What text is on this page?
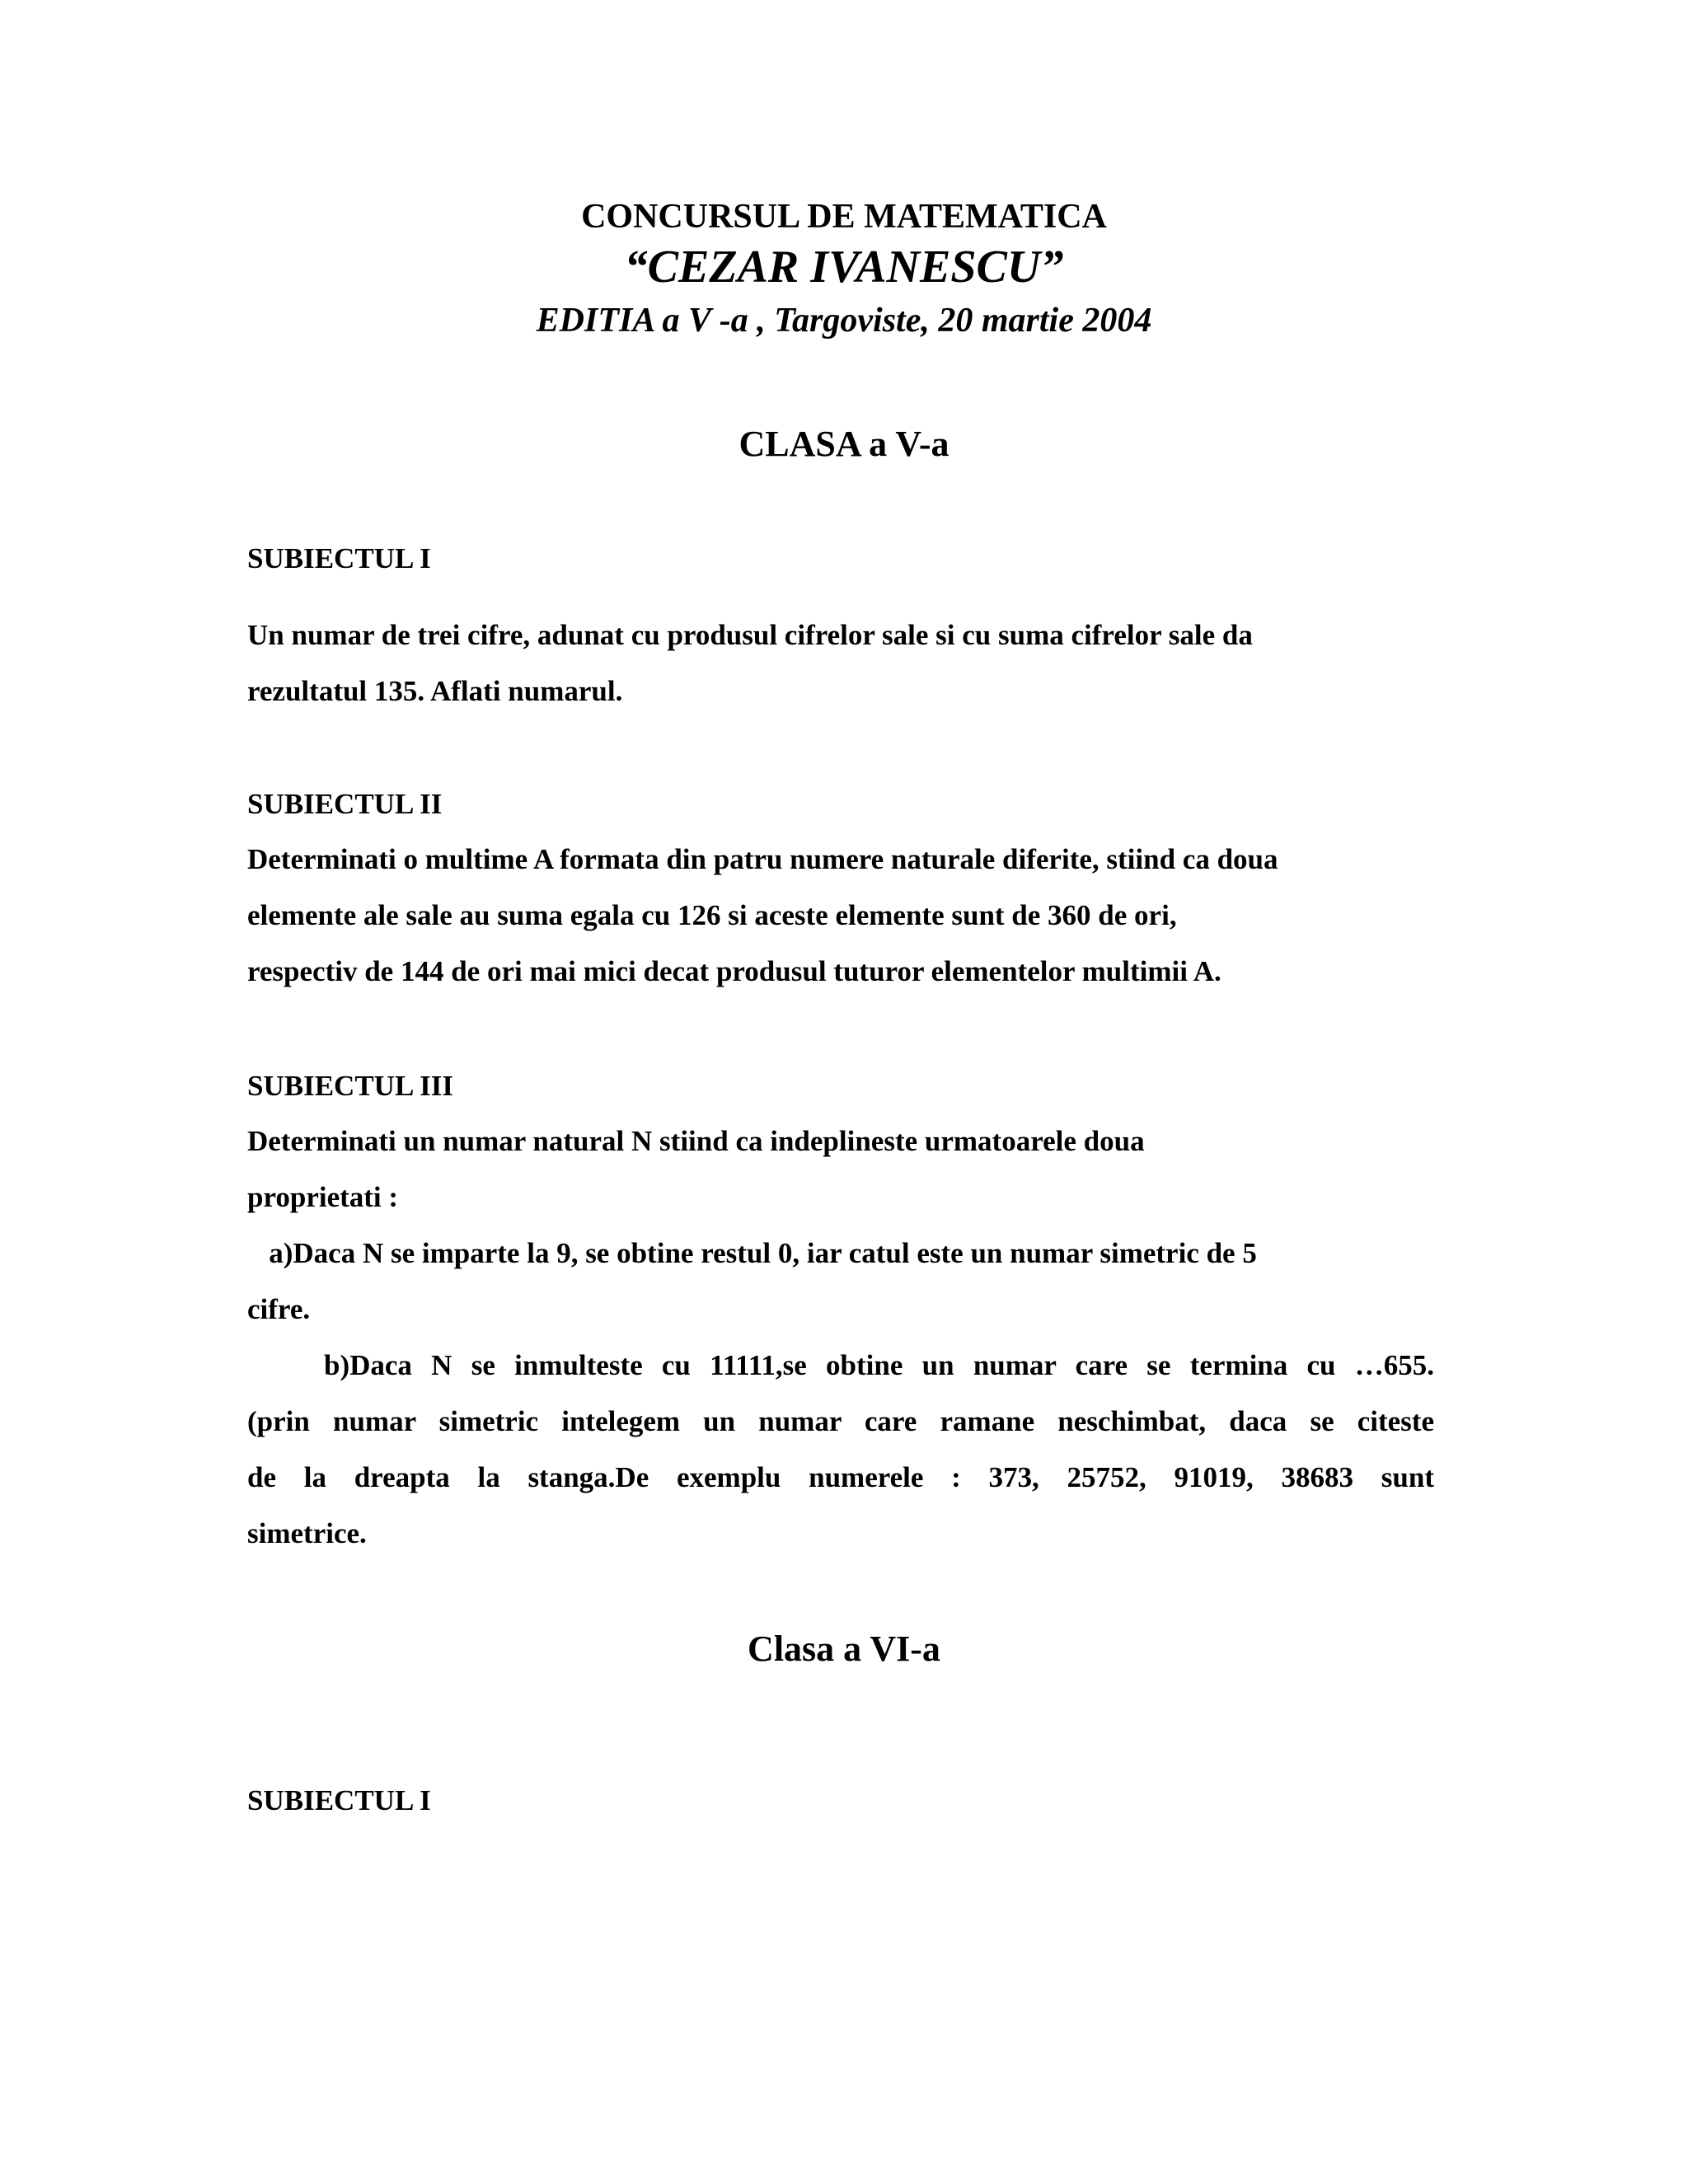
CONCURSUL DE MATEMATICA
“CEZAR IVANESCU”
EDITIA a V -a , Targoviste, 20 martie 2004
CLASA a V-a
SUBIECTUL I
Un numar de trei cifre, adunat cu produsul cifrelor sale si cu suma cifrelor sale da
rezultatul 135. Aflati numarul.
SUBIECTUL II
Determinati o multime A formata din patru numere naturale diferite, stiind ca doua
elemente ale sale au suma egala cu 126 si aceste elemente sunt de 360 de ori,
respectiv de 144 de ori mai mici decat produsul tuturor elementelor multimii A.
SUBIECTUL III
Determinati un numar natural N stiind ca indeplineste urmatoarele doua
proprietati :
a)Daca N se imparte la 9, se obtine restul 0, iar catul este un numar simetric de 5
cifre.
b)Daca N se inmulteste cu 11111,se obtine un numar care se termina cu …655.
(prin numar simetric intelegem un numar care ramane neschimbat, daca se citeste
de la dreapta la stanga.De exemplu numerele : 373, 25752, 91019, 38683 sunt
simetrice.
Clasa a VI-a
SUBIECTUL I
